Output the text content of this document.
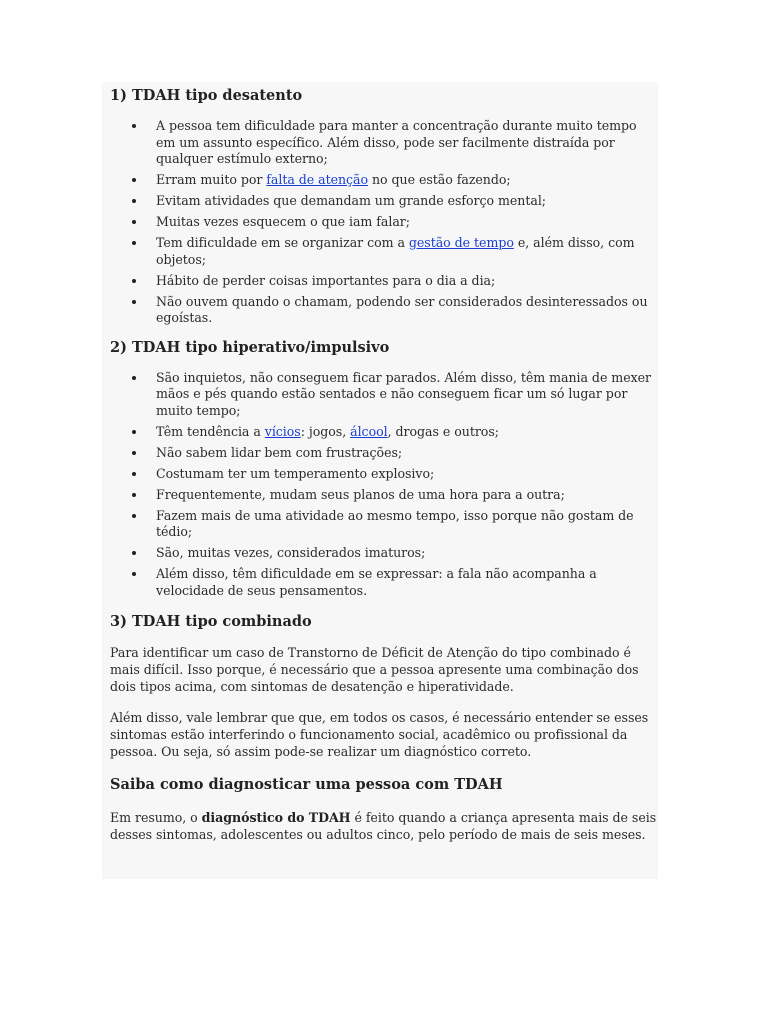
1) TDAH tipo desatento
A pessoa tem dificuldade para manter a concentração durante muito tempo em um assunto específico. Além disso, pode ser facilmente distraída por qualquer estímulo externo;
Erram muito por falta de atenção no que estão fazendo;
Evitam atividades que demandam um grande esforço mental;
Muitas vezes esquecem o que iam falar;
Tem dificuldade em se organizar com a gestão de tempo e, além disso, com objetos;
Hábito de perder coisas importantes para o dia a dia;
Não ouvem quando o chamam, podendo ser considerados desinteressados ou egoístas.
2) TDAH tipo hiperativo/impulsivo
São inquietos, não conseguem ficar parados. Além disso, têm mania de mexer mãos e pés quando estão sentados e não conseguem ficar um só lugar por muito tempo;
Têm tendência a vícios: jogos, álcool, drogas e outros;
Não sabem lidar bem com frustrações;
Costumam ter um temperamento explosivo;
Frequentemente, mudam seus planos de uma hora para a outra;
Fazem mais de uma atividade ao mesmo tempo, isso porque não gostam de tédio;
São, muitas vezes, considerados imaturos;
Além disso, têm dificuldade em se expressar: a fala não acompanha a velocidade de seus pensamentos.
3) TDAH tipo combinado

Para identificar um caso de Transtorno de Déficit de Atenção do tipo combinado é mais difícil. Isso porque, é necessário que a pessoa apresente uma combinação dos dois tipos acima, com sintomas de desatenção e hiperatividade.

Além disso, vale lembrar que que, em todos os casos, é necessário entender se esses sintomas estão interferindo o funcionamento social, acadêmico ou profissional da pessoa. Ou seja, só assim pode-se realizar um diagnóstico correto.

Saiba como diagnosticar uma pessoa com TDAH

Em resumo, o diagnóstico do TDAH é feito quando a criança apresenta mais de seis desses sintomas, adolescentes ou adultos cinco, pelo período de mais de seis meses.
